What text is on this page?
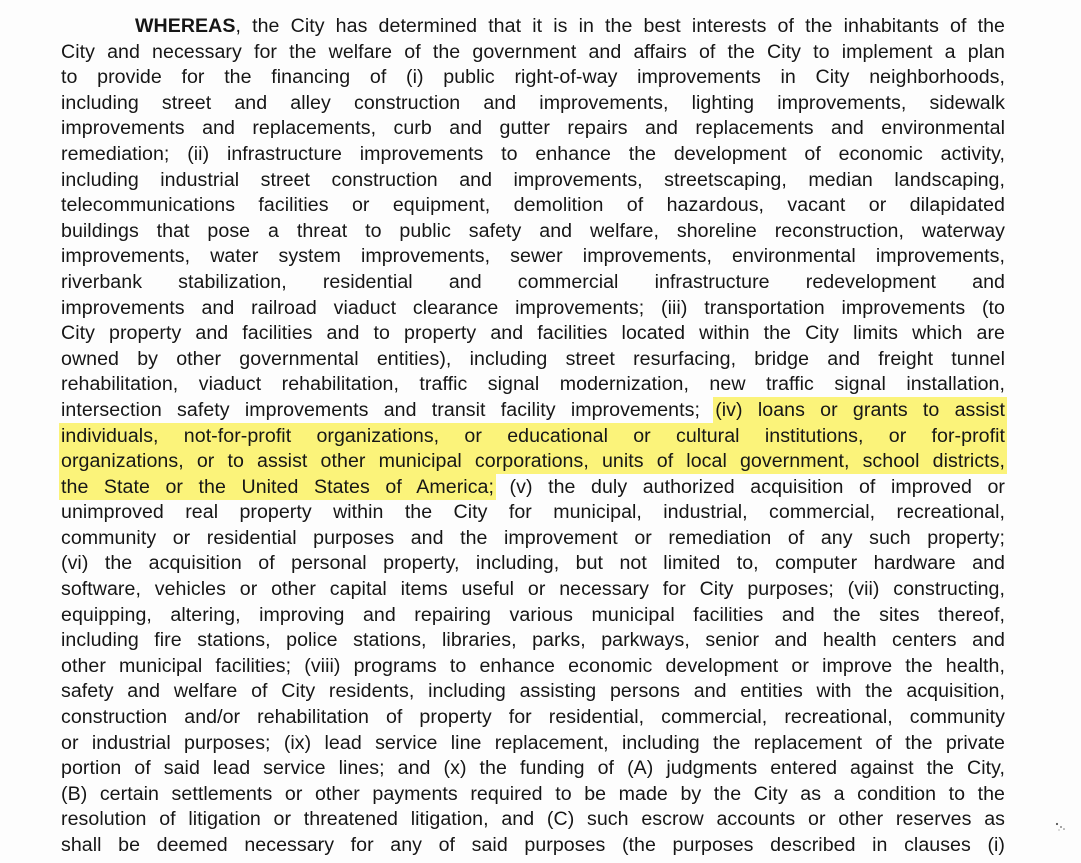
WHEREAS, the City has determined that it is in the best interests of the inhabitants of the
City and necessary for the welfare of the government and affairs of the City to implement a plan
to provide for the financing of (i) public right-of-way improvements in City neighborhoods,
including street and alley construction and improvements, lighting improvements, sidewalk
improvements and replacements, curb and gutter repairs and replacements and environmental
remediation; (ii) infrastructure improvements to enhance the development of economic activity,
including industrial street construction and improvements, streetscaping, median landscaping,
telecommunications facilities or equipment, demolition of hazardous, vacant or dilapidated
buildings that pose a threat to public safety and welfare, shoreline reconstruction, waterway
improvements, water system improvements, sewer improvements, environmental improvements,
riverbank stabilization, residential and commercial infrastructure redevelopment and
improvements and railroad viaduct clearance improvements; (iii) transportation improvements (to
City property and facilities and to property and facilities located within the City limits which are
owned by other governmental entities), including street resurfacing, bridge and freight tunnel
rehabilitation, viaduct rehabilitation, traffic signal modernization, new traffic signal installation,
intersection safety improvements and transit facility improvements; (iv) loans or grants to assist
individuals, not-for-profit organizations, or educational or cultural institutions, or for-profit
organizations, or to assist other municipal corporations, units of local government, school districts,
the State or the United States of America; (v) the duly authorized acquisition of improved or
unimproved real property within the City for municipal, industrial, commercial, recreational,
community or residential purposes and the improvement or remediation of any such property;
(vi) the acquisition of personal property, including, but not limited to, computer hardware and
software, vehicles or other capital items useful or necessary for City purposes; (vii) constructing,
equipping, altering, improving and repairing various municipal facilities and the sites thereof,
including fire stations, police stations, libraries, parks, parkways, senior and health centers and
other municipal facilities; (viii) programs to enhance economic development or improve the health,
safety and welfare of City residents, including assisting persons and entities with the acquisition,
construction and/or rehabilitation of property for residential, commercial, recreational, community
or industrial purposes; (ix) lead service line replacement, including the replacement of the private
portion of said lead service lines; and (x) the funding of (A) judgments entered against the City,
(B) certain settlements or other payments required to be made by the City as a condition to the
resolution of litigation or threatened litigation, and (C) such escrow accounts or other reserves as
shall be deemed necessary for any of said purposes (the purposes described in clauses (i)
